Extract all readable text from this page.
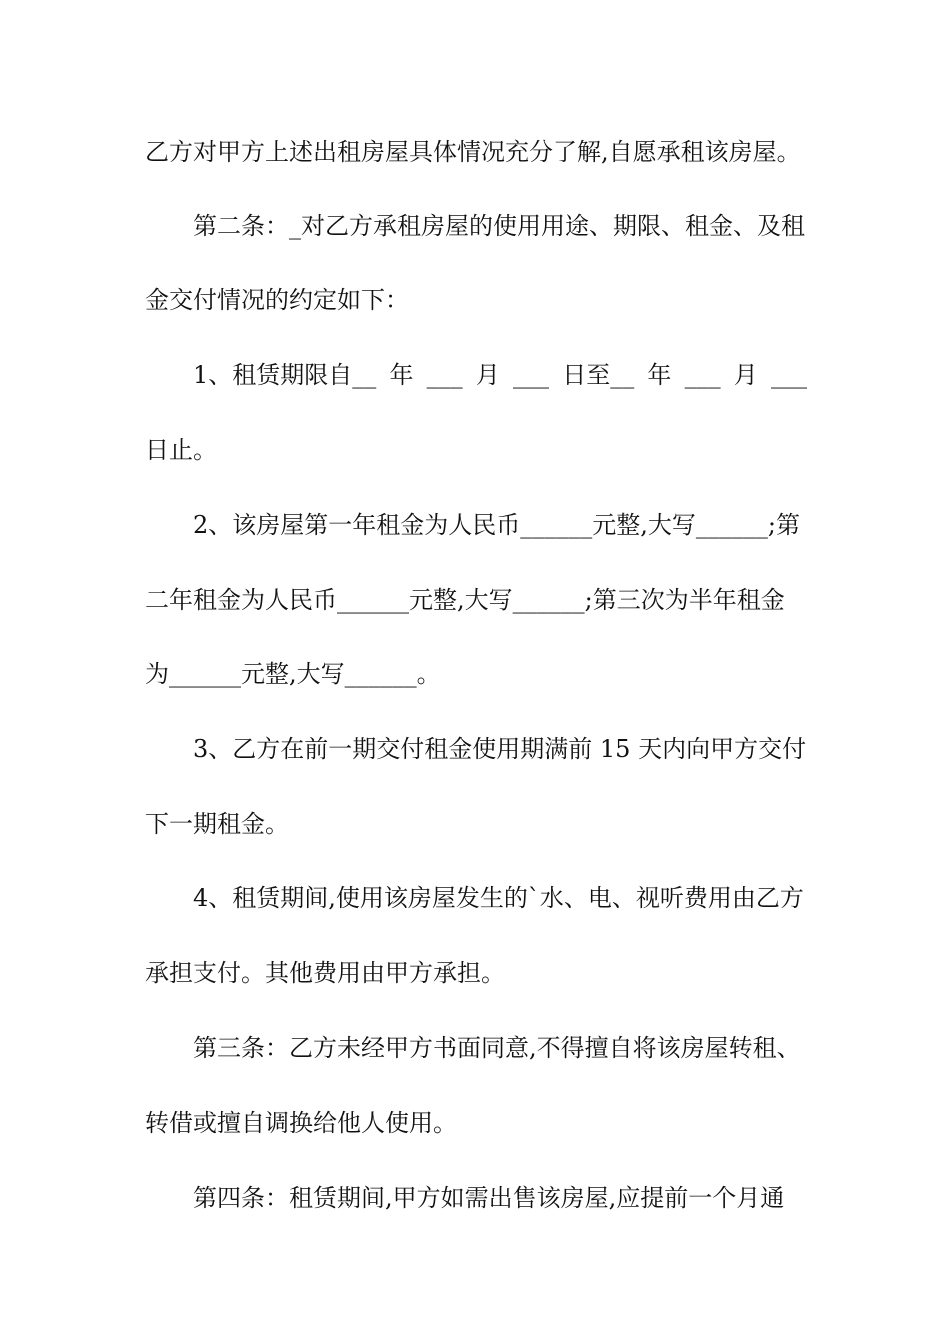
乙方对甲方上述出租房屋具体情况充分了解,自愿承租该房屋。
第二条：_对乙方承租房屋的使用用途、期限、租金、及租
金交付情况的约定如下：
1、租赁期限自__ 年 ___ 月 ___ 日至__ 年 ___ 月 ___
日止。
2、该房屋第一年租金为人民币______元整,大写______;第
二年租金为人民币______元整,大写______;第三次为半年租金
为______元整,大写______。
3、乙方在前一期交付租金使用期满前 15 天内向甲方交付
下一期租金。
4、租赁期间,使用该房屋发生的`水、电、视听费用由乙方
承担支付。其他费用由甲方承担。
第三条：乙方未经甲方书面同意,不得擅自将该房屋转租、
转借或擅自调换给他人使用。
第四条：租赁期间,甲方如需出售该房屋,应提前一个月通
